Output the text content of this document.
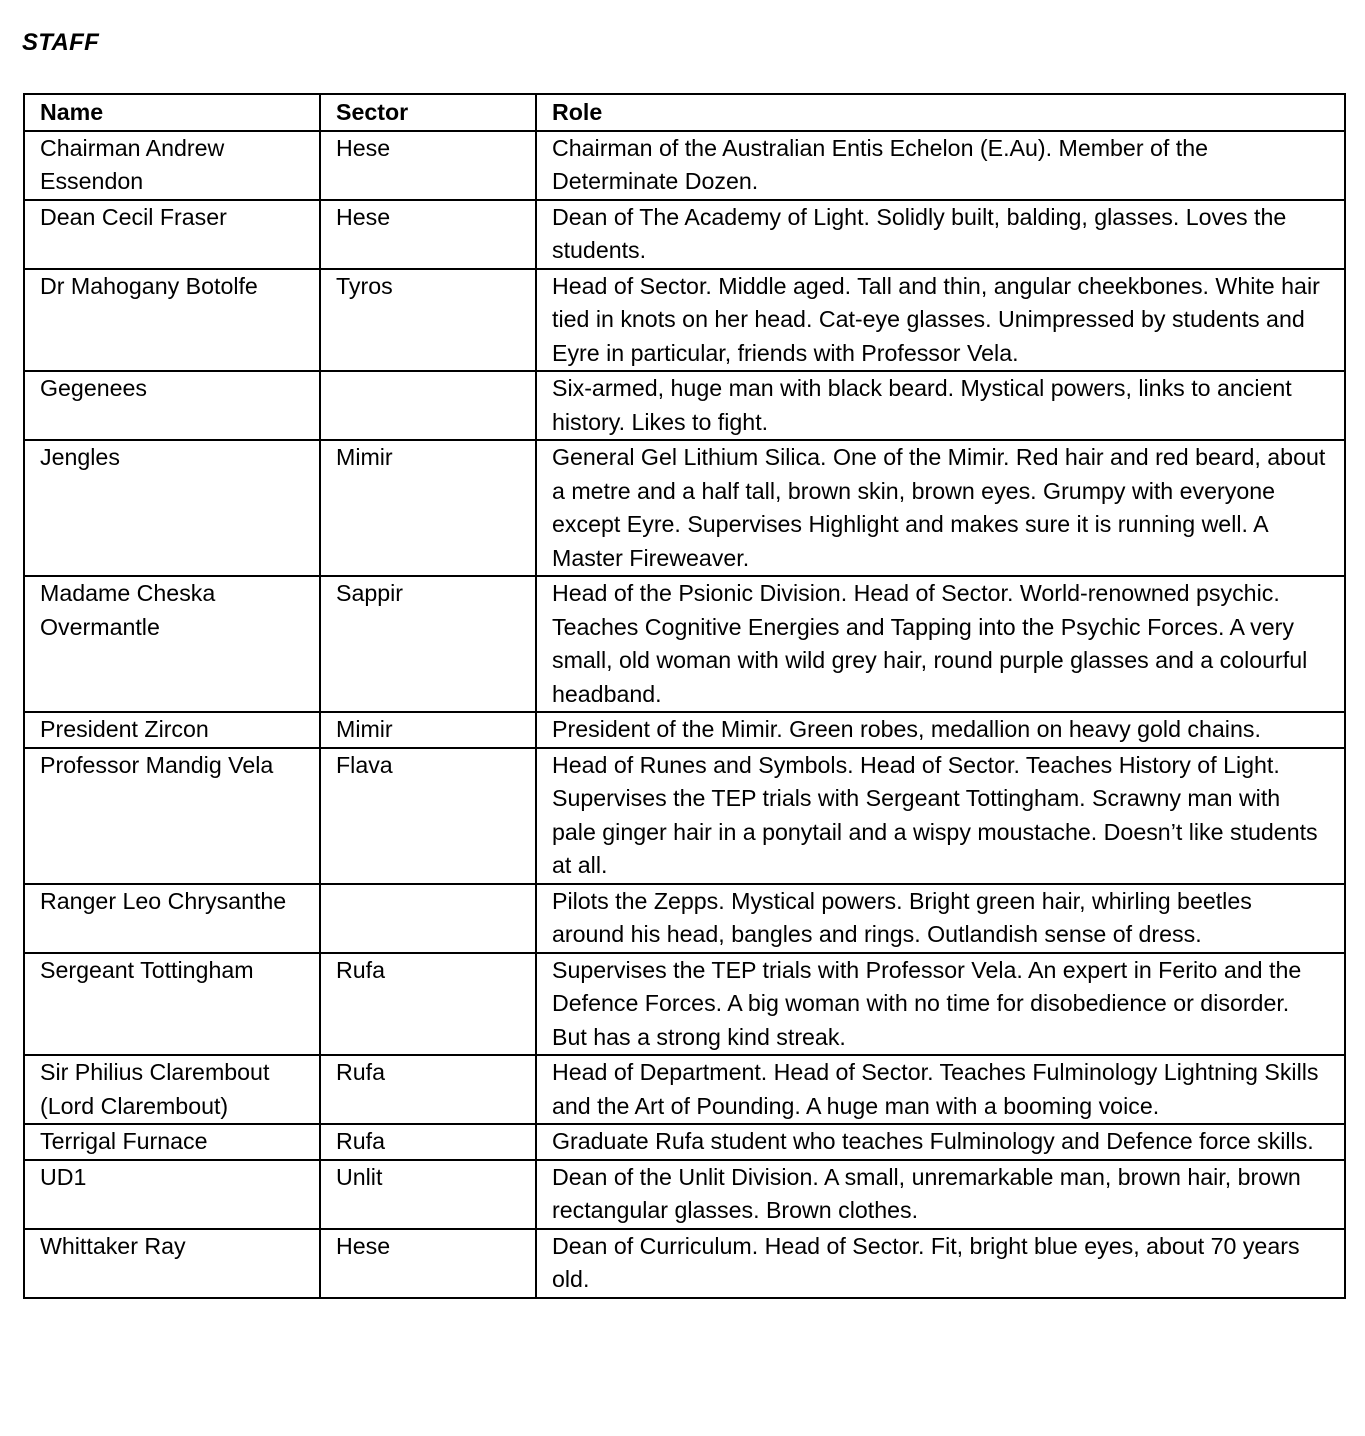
STAFF
Name	Sector	Role
Chairman Andrew Essendon	Hese	Chairman of the Australian Entis Echelon (E.Au). Member of the Determinate Dozen.
Dean Cecil Fraser	Hese	Dean of The Academy of Light. Solidly built, balding, glasses. Loves the students.
Dr Mahogany Botolfe	Tyros	Head of Sector. Middle aged. Tall and thin, angular cheekbones. White hair tied in knots on her head. Cat-eye glasses. Unimpressed by students and Eyre in particular, friends with Professor Vela.
Gegenees		Six-armed, huge man with black beard. Mystical powers, links to ancient history. Likes to fight.
Jengles	Mimir	General Gel Lithium Silica. One of the Mimir. Red hair and red beard, about a metre and a half tall, brown skin, brown eyes. Grumpy with everyone except Eyre. Supervises Highlight and makes sure it is running well. A Master Fireweaver.
Madame Cheska Overmantle	Sappir	Head of the Psionic Division. Head of Sector. World-renowned psychic. Teaches Cognitive Energies and Tapping into the Psychic Forces. A very small, old woman with wild grey hair, round purple glasses and a colourful headband.
President Zircon	Mimir	President of the Mimir. Green robes, medallion on heavy gold chains.
Professor Mandig Vela	Flava	Head of Runes and Symbols. Head of Sector. Teaches History of Light. Supervises the TEP trials with Sergeant Tottingham. Scrawny man with pale ginger hair in a ponytail and a wispy moustache. Doesn’t like students at all.
Ranger Leo Chrysanthe		Pilots the Zepps. Mystical powers. Bright green hair, whirling beetles around his head, bangles and rings. Outlandish sense of dress.
Sergeant Tottingham	Rufa	Supervises the TEP trials with Professor Vela. An expert in Ferito and the Defence Forces. A big woman with no time for disobedience or disorder. But has a strong kind streak.
Sir Philius Clarembout (Lord Clarembout)	Rufa	Head of Department. Head of Sector. Teaches Fulminology Lightning Skills and the Art of Pounding. A huge man with a booming voice.
Terrigal Furnace	Rufa	Graduate Rufa student who teaches Fulminology and Defence force skills.
UD1	Unlit	Dean of the Unlit Division. A small, unremarkable man, brown hair, brown rectangular glasses. Brown clothes.
Whittaker Ray	Hese	Dean of Curriculum. Head of Sector. Fit, bright blue eyes, about 70 years old.
